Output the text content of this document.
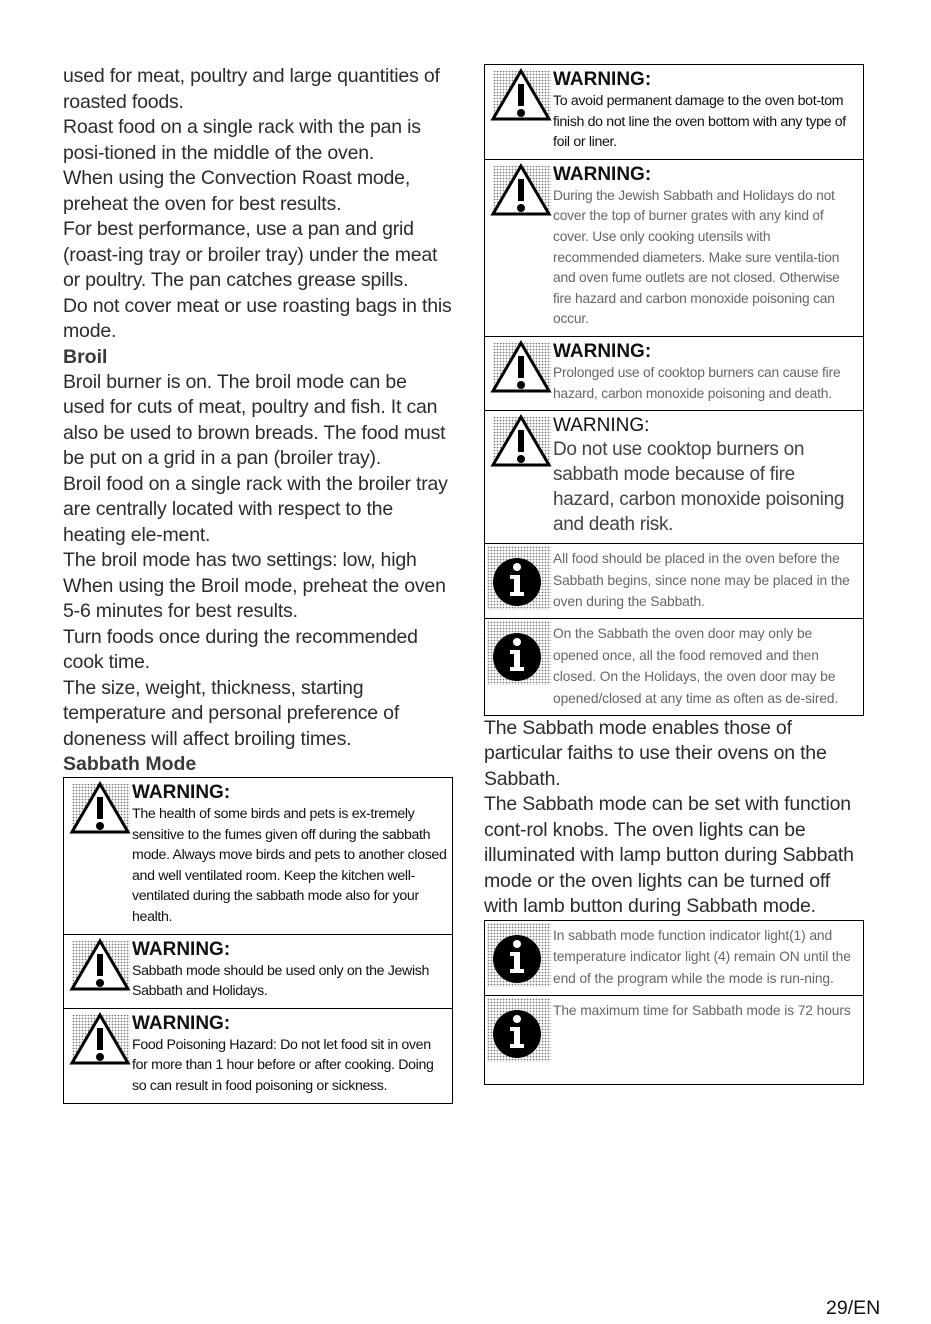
used for meat, poultry and large quantities of roasted foods.

Roast food on a single rack with the pan is posi-tioned in the middle of the oven.

When using the Convection Roast mode, preheat the oven for best results.

For best performance, use a pan and grid (roast-ing tray or broiler tray) under the meat or poultry. The pan catches grease spills.

Do not cover meat or use roasting bags in this mode.

Broil

Broil burner is on. The broil mode can be used for cuts of meat, poultry and fish. It can also be used to brown breads. The food must be put on a grid in a pan (broiler tray).

Broil food on a single rack with the broiler tray are centrally located with respect to the heating ele-ment.

The broil mode has two settings: low, high

When using the Broil mode, preheat the oven 5-6 minutes for best results.

Turn foods once during the recommended cook time.

The size, weight, thickness, starting temperature and personal preference of doneness will affect broiling times.

Sabbath Mode

WARNING:

The health of some birds and pets is ex-tremely sensitive to the fumes given off during the sabbath mode. Always move birds and pets to another closed and well ventilated room. Keep the kitchen well-ventilated during the sabbath mode also for your health.

WARNING:

Sabbath mode should be used only on the Jewish Sabbath and Holidays.

WARNING:

Food Poisoning Hazard: Do not let food sit in oven for more than 1 hour before or after cooking. Doing so can result in food poisoning or sickness.

WARNING:

To avoid permanent damage to the oven bot-tom finish do not line the oven bottom with any type of foil or liner.

WARNING:

During the Jewish Sabbath and Holidays do not cover the top of burner grates with any kind of cover. Use only cooking utensils with recommended diameters. Make sure ventila-tion and oven fume outlets are not closed. Otherwise fire hazard and carbon monoxide poisoning can occur.

WARNING:

Prolonged use of cooktop burners can cause fire hazard, carbon monoxide poisoning and death.

WARNING:

Do not use cooktop burners on sabbath mode because of fire hazard, carbon monoxide poisoning and death risk.

All food should be placed in the oven before the Sabbath begins, since none may be placed in the oven during the Sabbath.

On the Sabbath the oven door may only be opened once, all the food removed and then closed. On the Holidays, the oven door may be opened/closed at any time as often as de-sired.

The Sabbath mode enables those of particular faiths to use their ovens on the Sabbath.

The Sabbath mode can be set with function cont-rol knobs. The oven lights can be illuminated with lamp button during Sabbath mode or the oven lights can be turned off with lamb button during Sabbath mode.

In sabbath mode function indicator light(1) and temperature indicator light (4) remain ON until the end of the program while the mode is run-ning.

The maximum time for Sabbath mode is 72 hours

29/EN
